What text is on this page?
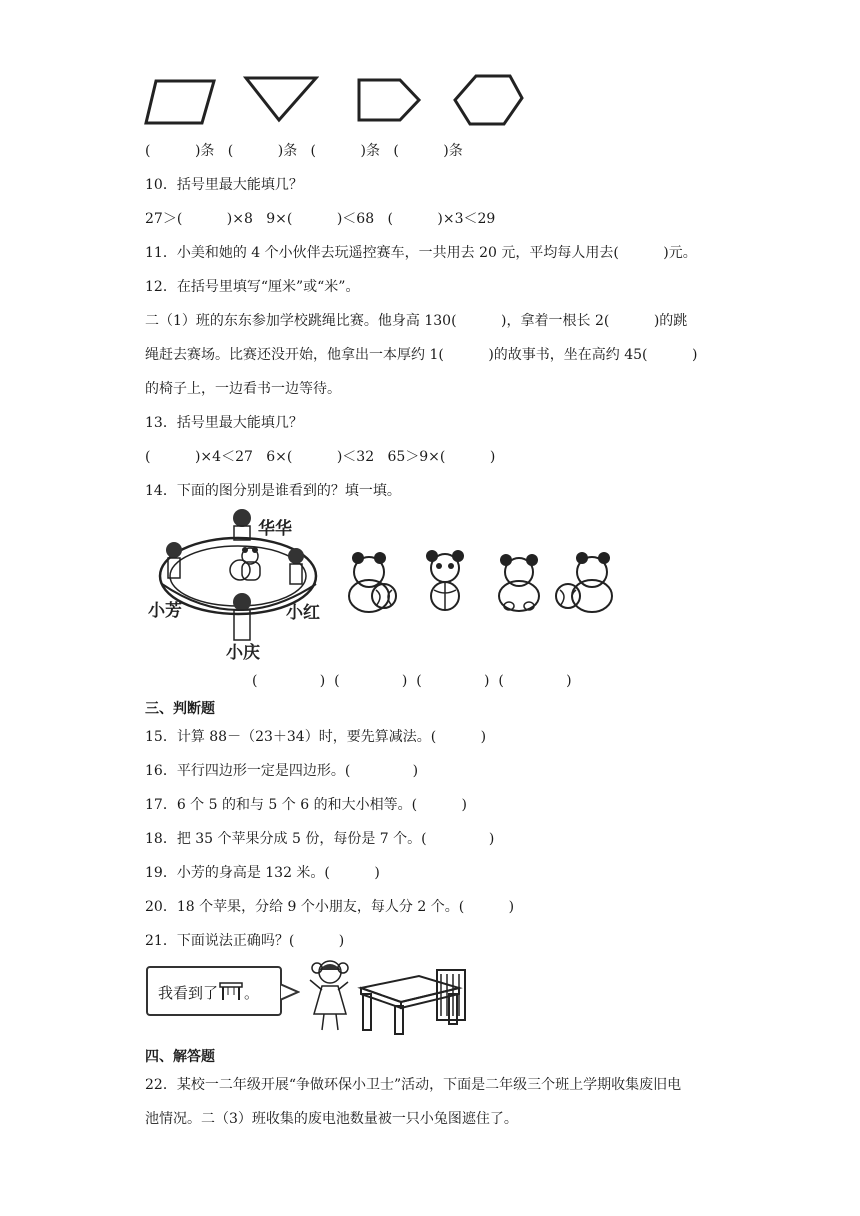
(          )条   (          )条   (          )条   (          )条
10．括号里最大能填几？
27＞(          )×8   9×(          )＜68   (          )×3＜29
11．小美和她的 4 个小伙伴去玩遥控赛车，一共用去 20 元，平均每人用去(          )元。
12．在括号里填写“厘米”或“米”。
二（1）班的东东参加学校跳绳比赛。他身高 130(          )，拿着一根长 2(          )的跳
绳赶去赛场。比赛还没开始，他拿出一本厚约 1(          )的故事书，坐在高约 45(          )
的椅子上，一边看书一边等待。
13．括号里最大能填几？
(          )×4＜27   6×(          )＜32   65＞9×(          )
14．下面的图分别是谁看到的？填一填。
华华
小芳	小红
小庆
(              )  (              )  (              )  (              )
三、判断题
15．计算 88－（23＋34）时，要先算减法。(          )
16．平行四边形一定是四边形。(              )
17．6 个 5 的和与 5 个 6 的和大小相等。(          )
18．把 35 个苹果分成 5 份，每份是 7 个。(              )
19．小芳的身高是 132 米。(          )
20．18 个苹果，分给 9 个小朋友，每人分 2 个。(          )
21．下面说法正确吗？(          )
我看到了 。
四、解答题
22．某校一二年级开展“争做环保小卫士”活动，下面是二年级三个班上学期收集废旧电
池情况。二（3）班收集的废电池数量被一只小兔图遮住了。
